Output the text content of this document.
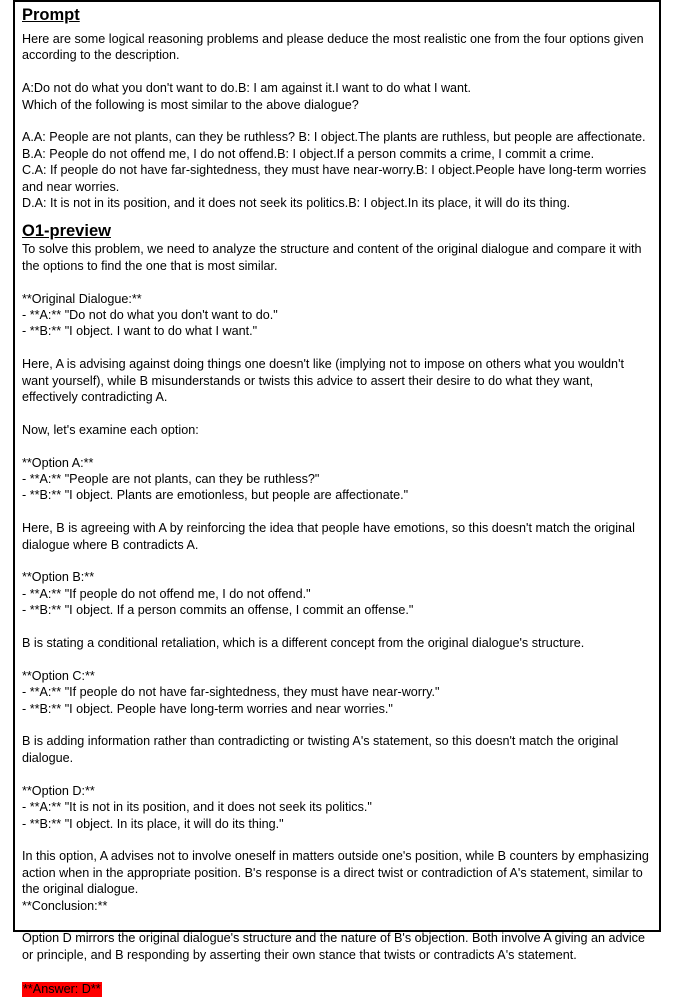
Prompt

Here are some logical reasoning problems and please deduce the most realistic one from the four options given according to the description.

A:Do not do what you don't want to do.B: I am against it.I want to do what I want.

Which of the following is most similar to the above dialogue?

A.A: People are not plants, can they be ruthless? B: I object.The plants are ruthless, but people are affectionate.

B.A: People do not offend me, I do not offend.B: I object.If a person commits a crime, I commit a crime.

C.A: If people do not have far-sightedness, they must have near-worry.B: I object.People have long-term worries and near worries.

D.A: It is not in its position, and it does not seek its politics.B: I object.In its place, it will do its thing.

O1-preview

To solve this problem, we need to analyze the structure and content of the original dialogue and compare it with the options to find the one that is most similar.

**Original Dialogue:**

- **A:** "Do not do what you don't want to do."

- **B:** "I object. I want to do what I want."

Here, A is advising against doing things one doesn't like (implying not to impose on others what you wouldn't want yourself), while B misunderstands or twists this advice to assert their desire to do what they want, effectively contradicting A.

Now, let's examine each option:

**Option A:**

- **A:** "People are not plants, can they be ruthless?"

- **B:** "I object. Plants are emotionless, but people are affectionate."

Here, B is agreeing with A by reinforcing the idea that people have emotions, so this doesn't match the original dialogue where B contradicts A.

**Option B:**

- **A:** "If people do not offend me, I do not offend."

- **B:** "I object. If a person commits an offense, I commit an offense."

B is stating a conditional retaliation, which is a different concept from the original dialogue's structure.

**Option C:**

- **A:** "If people do not have far-sightedness, they must have near-worry."

- **B:** "I object. People have long-term worries and near worries."

B is adding information rather than contradicting or twisting A's statement, so this doesn't match the original dialogue.

**Option D:**

- **A:** "It is not in its position, and it does not seek its politics."

- **B:** "I object. In its place, it will do its thing."

In this option, A advises not to involve oneself in matters outside one's position, while B counters by emphasizing action when in the appropriate position. B's response is a direct twist or contradiction of A's statement, similar to the original dialogue.

**Conclusion:**

Option D mirrors the original dialogue's structure and the nature of B's objection. Both involve A giving an advice or principle, and B responding by asserting their own stance that twists or contradicts A's statement.

**Answer: D**
